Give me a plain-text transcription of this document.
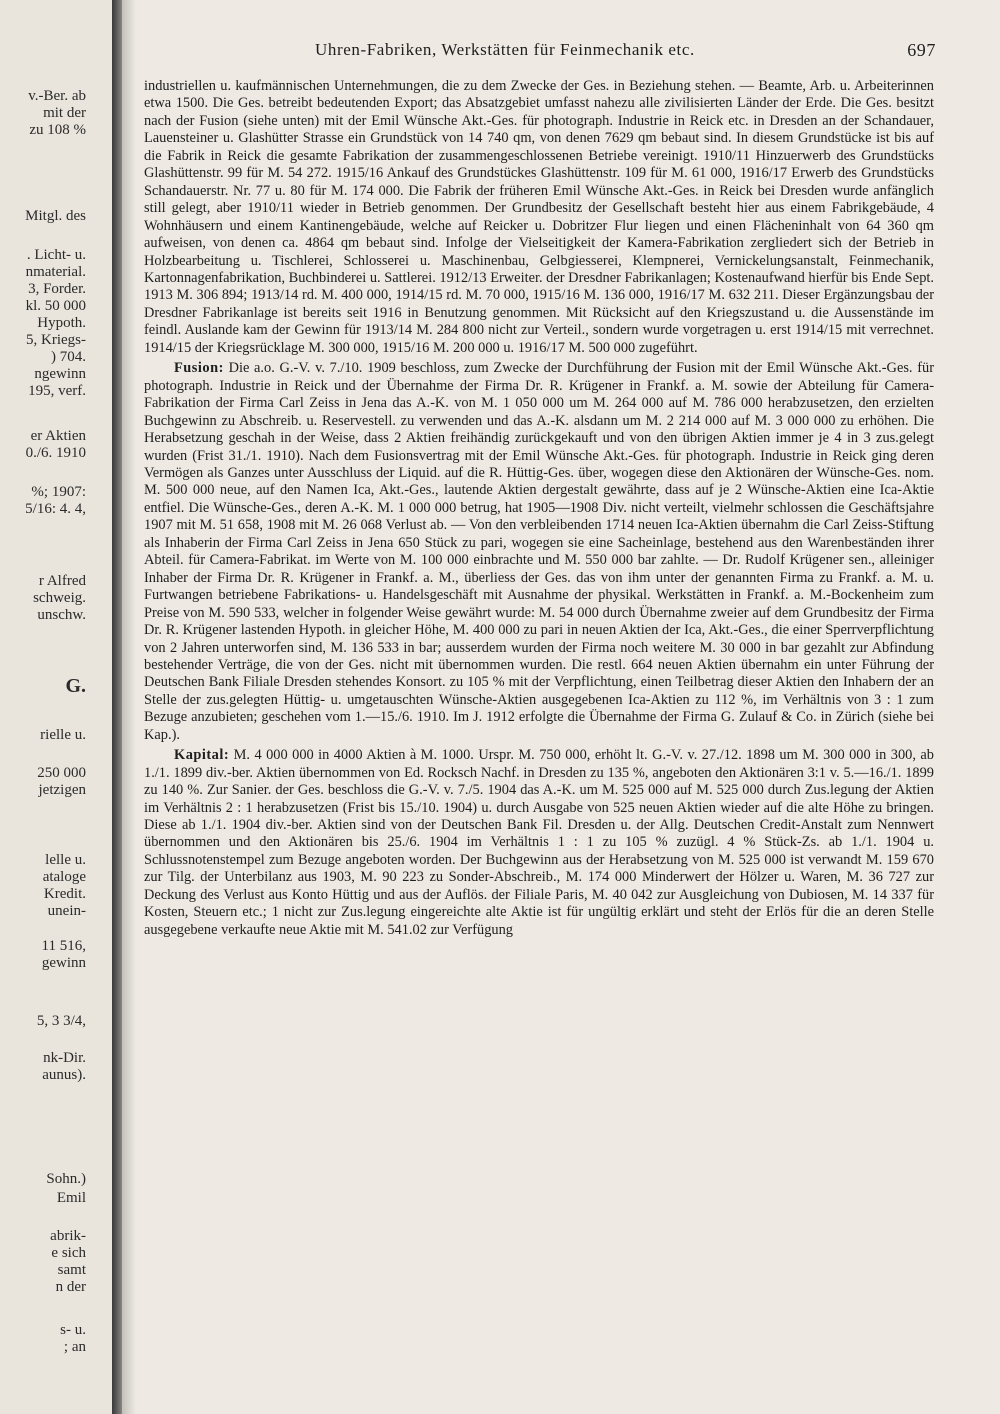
v.-Ber. ab
mit der
zu 108 %
Mitgl. des
. Licht- u.
nmaterial.
3, Forder.
kl. 50 000
Hypoth.
5, Kriegs-
) 704.
ngewinn
195, verf.
er Aktien
0./6. 1910
%; 1907:
5/16: 4. 4,
r Alfred
schweig.
unschw.
G.
rielle u.
250 000
jetzigen
lelle u.
ataloge
Kredit.
unein-
11 516,
gewinn
5, 3 3/4,
nk-Dir.
aunus).
Sohn.)
Emil
abrik-
e sich
samt
n der
s- u.
; an
Uhren-Fabriken, Werkstätten für Feinmechanik etc.	697

industriellen u. kaufmännischen Unternehmungen, die zu dem Zwecke der Ges. in Beziehung stehen. — Beamte, Arb. u. Arbeiterinnen etwa 1500. Die Ges. betreibt bedeutenden Export; das Absatzgebiet umfasst nahezu alle zivilisierten Länder der Erde. Die Ges. besitzt nach der Fusion (siehe unten) mit der Emil Wünsche Akt.-Ges. für photograph. Industrie in Reick etc. in Dresden an der Schandauer, Lauensteiner u. Glashütter Strasse ein Grundstück von 14 740 qm, von denen 7629 qm bebaut sind. In diesem Grundstücke ist bis auf die Fabrik in Reick die gesamte Fabrikation der zusammengeschlossenen Betriebe vereinigt. 1910/11 Hinzuerwerb des Grundstücks Glashüttenstr. 99 für M. 54 272. 1915/16 Ankauf des Grundstückes Glashüttenstr. 109 für M. 61 000, 1916/17 Erwerb des Grundstücks Schandauerstr. Nr. 77 u. 80 für M. 174 000. Die Fabrik der früheren Emil Wünsche Akt.-Ges. in Reick bei Dresden wurde anfänglich still gelegt, aber 1910/11 wieder in Betrieb genommen. Der Grundbesitz der Gesellschaft besteht hier aus einem Fabrikgebäude, 4 Wohnhäusern und einem Kantinengebäude, welche auf Reicker u. Dobritzer Flur liegen und einen Flächeninhalt von 64 360 qm aufweisen, von denen ca. 4864 qm bebaut sind. Infolge der Vielseitigkeit der Kamera-Fabrikation zergliedert sich der Betrieb in Holzbearbeitung u. Tischlerei, Schlosserei u. Maschinenbau, Gelbgiesserei, Klempnerei, Vernickelungsanstalt, Feinmechanik, Kartonnagenfabrikation, Buchbinderei u. Sattlerei. 1912/13 Erweiter. der Dresdner Fabrikanlagen; Kostenaufwand hierfür bis Ende Sept. 1913 M. 306 894; 1913/14 rd. M. 400 000, 1914/15 rd. M. 70 000, 1915/16 M. 136 000, 1916/17 M. 632 211. Dieser Ergänzungsbau der Dresdner Fabrikanlage ist bereits seit 1916 in Benutzung genommen. Mit Rücksicht auf den Kriegszustand u. die Aussenstände im feindl. Auslande kam der Gewinn für 1913/14 M. 284 800 nicht zur Verteil., sondern wurde vorgetragen u. erst 1914/15 mit verrechnet. 1914/15 der Kriegsrücklage M. 300 000, 1915/16 M. 200 000 u. 1916/17 M. 500 000 zugeführt.

Fusion: Die a.o. G.-V. v. 7./10. 1909 beschloss, zum Zwecke der Durchführung der Fusion mit der Emil Wünsche Akt.-Ges. für photograph. Industrie in Reick und der Übernahme der Firma Dr. R. Krügener in Frankf. a. M. sowie der Abteilung für Camera-Fabrikation der Firma Carl Zeiss in Jena das A.-K. von M. 1 050 000 um M. 264 000 auf M. 786 000 herabzusetzen, den erzielten Buchgewinn zu Abschreib. u. Reservestell. zu verwenden und das A.-K. alsdann um M. 2 214 000 auf M. 3 000 000 zu erhöhen. Die Herabsetzung geschah in der Weise, dass 2 Aktien freihändig zurückgekauft und von den übrigen Aktien immer je 4 in 3 zus.gelegt wurden (Frist 31./1. 1910). Nach dem Fusionsvertrag mit der Emil Wünsche Akt.-Ges. für photograph. Industrie in Reick ging deren Vermögen als Ganzes unter Ausschluss der Liquid. auf die R. Hüttig-Ges. über, wogegen diese den Aktionären der Wünsche-Ges. nom. M. 500 000 neue, auf den Namen Ica, Akt.-Ges., lautende Aktien dergestalt gewährte, dass auf je 2 Wünsche-Aktien eine Ica-Aktie entfiel. Die Wünsche-Ges., deren A.-K. M. 1 000 000 betrug, hat 1905—1908 Div. nicht verteilt, vielmehr schlossen die Geschäftsjahre 1907 mit M. 51 658, 1908 mit M. 26 068 Verlust ab. — Von den verbleibenden 1714 neuen Ica-Aktien übernahm die Carl Zeiss-Stiftung als Inhaberin der Firma Carl Zeiss in Jena 650 Stück zu pari, wogegen sie eine Sacheinlage, bestehend aus den Warenbeständen ihrer Abteil. für Camera-Fabrikat. im Werte von M. 100 000 einbrachte und M. 550 000 bar zahlte. — Dr. Rudolf Krügener sen., alleiniger Inhaber der Firma Dr. R. Krügener in Frankf. a. M., überliess der Ges. das von ihm unter der genannten Firma zu Frankf. a. M. u. Furtwangen betriebene Fabrikations- u. Handelsgeschäft mit Ausnahme der physikal. Werkstätten in Frankf. a. M.-Bockenheim zum Preise von M. 590 533, welcher in folgender Weise gewährt wurde: M. 54 000 durch Übernahme zweier auf dem Grundbesitz der Firma Dr. R. Krügener lastenden Hypoth. in gleicher Höhe, M. 400 000 zu pari in neuen Aktien der Ica, Akt.-Ges., die einer Sperrverpflichtung von 2 Jahren unterworfen sind, M. 136 533 in bar; ausserdem wurden der Firma noch weitere M. 30 000 in bar gezahlt zur Abfindung bestehender Verträge, die von der Ges. nicht mit übernommen wurden. Die restl. 664 neuen Aktien übernahm ein unter Führung der Deutschen Bank Filiale Dresden stehendes Konsort. zu 105 % mit der Verpflichtung, einen Teilbetrag dieser Aktien den Inhabern der an Stelle der zus.gelegten Hüttig- u. umgetauschten Wünsche-Aktien ausgegebenen Ica-Aktien zu 112 %, im Verhältnis von 3 : 1 zum Bezuge anzubieten; geschehen vom 1.—15./6. 1910. Im J. 1912 erfolgte die Übernahme der Firma G. Zulauf & Co. in Zürich (siehe bei Kap.).

Kapital: M. 4 000 000 in 4000 Aktien à M. 1000. Urspr. M. 750 000, erhöht lt. G.-V. v. 27./12. 1898 um M. 300 000 in 300, ab 1./1. 1899 div.-ber. Aktien übernommen von Ed. Rocksch Nachf. in Dresden zu 135 %, angeboten den Aktionären 3:1 v. 5.—16./1. 1899 zu 140 %. Zur Sanier. der Ges. beschloss die G.-V. v. 7./5. 1904 das A.-K. um M. 525 000 auf M. 525 000 durch Zus.legung der Aktien im Verhältnis 2 : 1 herabzusetzen (Frist bis 15./10. 1904) u. durch Ausgabe von 525 neuen Aktien wieder auf die alte Höhe zu bringen. Diese ab 1./1. 1904 div.-ber. Aktien sind von der Deutschen Bank Fil. Dresden u. der Allg. Deutschen Credit-Anstalt zum Nennwert übernommen und den Aktionären bis 25./6. 1904 im Verhältnis 1 : 1 zu 105 % zuzügl. 4 % Stück-Zs. ab 1./1. 1904 u. Schlussnotenstempel zum Bezuge angeboten worden. Der Buchgewinn aus der Herabsetzung von M. 525 000 ist verwandt M. 159 670 zur Tilg. der Unterbilanz aus 1903, M. 90 223 zu Sonder-Abschreib., M. 174 000 Minderwert der Hölzer u. Waren, M. 36 727 zur Deckung des Verlust aus Konto Hüttig und aus der Auflös. der Filiale Paris, M. 40 042 zur Ausgleichung von Dubiosen, M. 14 337 für Kosten, Steuern etc.; 1 nicht zur Zus.legung eingereichte alte Aktie ist für ungültig erklärt und steht der Erlös für die an deren Stelle ausgegebene verkaufte neue Aktie mit M. 541.02 zur Verfügung
